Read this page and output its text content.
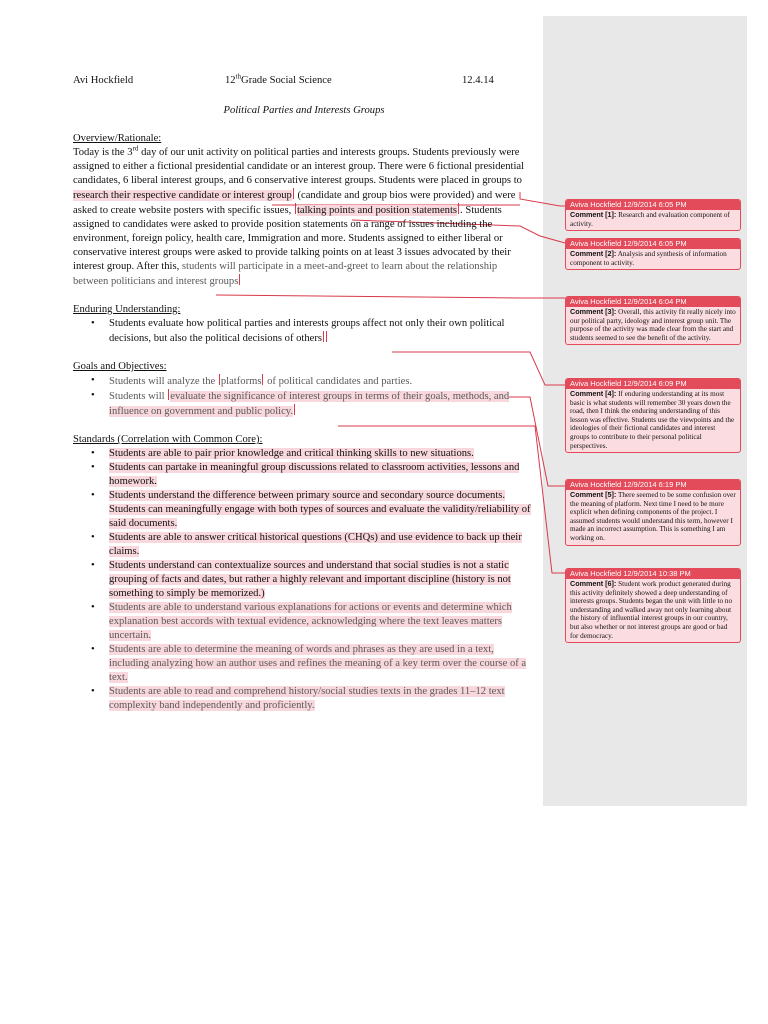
Avi Hockfield	12thGrade Social Science	12.4.14
Political Parties and Interests Groups
Overview/Rationale:

Today is the 3rd day of our unit activity on political parties and interests groups. Students previously were assigned to either a fictional presidential candidate or an interest group. There were 6 fictional presidential candidates, 6 liberal interest groups, and 6 conservative interest groups. Students were placed in groups to research their respective candidate or interest group (candidate and group bios were provided) and were asked to create website posters with specific issues, talking points and position statements . Students assigned to candidates were asked to provide position statements on a range of issues including the environment, foreign policy, health care, Immigration and more. Students assigned to either liberal or conservative interest groups were asked to provide talking points on at least 3 issues advocated by their interest group. After this, students will participate in a meet-and-greet to learn about the relationship between politicians and interest groups

Enduring Understanding:
• Students evaluate how political parties and interests groups affect not only their own political decisions, but also the political decisions of others
Goals and Objectives:
• Students will analyze the platforms of political candidates and parties.
• Students will evaluate the significance of interest groups in terms of their goals, methods, and influence on government and public policy.
Standards (Correlation with Common Core):
• Students are able to pair prior knowledge and critical thinking skills to new situations.
• Students can partake in meaningful group discussions related to classroom activities, lessons and homework.
• Students understand the difference between primary source and secondary source documents. Students can meaningfully engage with both types of sources and evaluate the validity/reliability of said documents.
• Students are able to answer critical historical questions (CHQs) and use evidence to back up their claims.
• Students understand can contextualize sources and understand that social studies is not a static grouping of facts and dates, but rather a highly relevant and important discipline (history is not something to simply be memorized.)
• Students are able to understand various explanations for actions or events and determine which explanation best accords with textual evidence, acknowledging where the text leaves matters uncertain.
• Students are able to determine the meaning of words and phrases as they are used in a text, including analyzing how an author uses and refines the meaning of a key term over the course of a text.
• Students are able to read and comprehend history/social studies texts in the grades 11–12 text complexity band independently and proficiently.
Aviva Hockfield 12/9/2014 6:05 PM
Comment [1]: Research and evaluation component of activity.
Aviva Hockfield 12/9/2014 6:05 PM
Comment [2]: Analysis and synthesis of information component to activity.
Aviva Hockfield 12/9/2014 6:04 PM
Comment [3]: Overall, this activity fit really nicely into our political party, ideology and interest group unit. The purpose of the activity was made clear from the start and students seemed to see the benefit of the activity.
Aviva Hockfield 12/9/2014 6:09 PM
Comment [4]: If enduring understanding at its most basic is what students will remember 30 years down the road, then I think the enduring understanding of this lesson was effective. Students use the viewpoints and the ideologies of their fictional candidates and interest groups to contribute to their personal political perspectives.
Aviva Hockfield 12/9/2014 6:19 PM
Comment [5]: There seemed to be some confusion over the meaning of platform. Next time I need to be more explicit when defining components of the project. I assumed students would understand this term, however I made an incorrect assumption. This is something I am working on.
Aviva Hockfield 12/9/2014 10:38 PM
Comment [6]: Student work product generated during this activity definitely showed a deep understanding of interests groups. Students began the unit with little to no understanding and walked away not only learning about the history of influential interest groups in our country, but also whether or not interest groups are good or bad for democracy.
